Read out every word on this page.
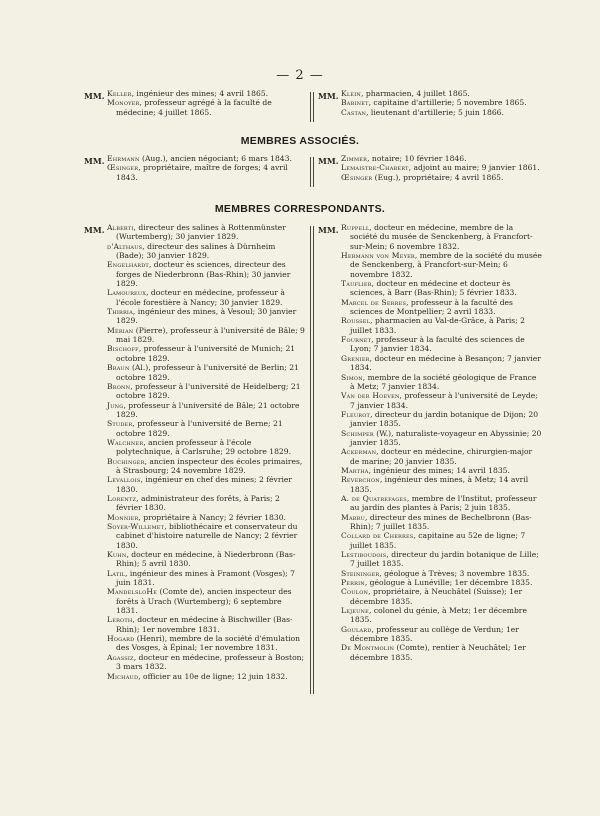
— 2 —
MM. Keller, ingénieur des mines; 4 avril 1865.

Monoyer, professeur agrégé à la faculté de médecine; 4 juillet 1865.

MM. Klein, pharmacien, 4 juillet 1865.

Babinet, capitaine d'artillerie; 5 novembre 1865.

Castan, lieutenant d'artillerie; 5 juin 1866.

MEMBRES ASSOCIÉS.
MM. Ehrmann (Aug.), ancien négociant; 6 mars 1843.

Œsinger, propriétaire, maître de forges; 4 avril 1843.

MM. Zimmer, notaire; 10 février 1846.

Lemaistre-Chabert, adjoint au maire; 9 janvier 1861.

Œsinger (Eug.), propriétaire; 4 avril 1865.

MEMBRES CORRESPONDANTS.
MM. Alberti, directeur des salines à Rottenmünster (Wurtemberg); 30 janvier 1829.

d'Althaus, directeur des salines à Dürnheim (Bade); 30 janvier 1829.

Engelhardt, docteur ès sciences, directeur des forges de Niederbronn (Bas-Rhin); 30 janvier 1829.

Lamoureux, docteur en médecine, professeur à l'école forestière à Nancy; 30 janvier 1829.

Thirria, ingénieur des mines, à Vesoul; 30 janvier 1829.

Mérian (Pierre), professeur à l'université de Bâle; 9 mai 1829.

Bischoff, professeur à l'université de Munich; 21 octobre 1829.

Braun (Al.), professeur à l'université de Berlin; 21 octobre 1829.

Bronn, professeur à l'université de Heidelberg; 21 octobre 1829.

Jung, professeur à l'université de Bâle; 21 octobre 1829.

Studer, professeur à l'université de Berne; 21 octobre 1829.

Walchner, ancien professeur à l'école polytechnique, à Carlsruhe; 29 octobre 1829.

Buchinger, ancien inspecteur des écoles primaires, à Strasbourg; 24 novembre 1829.

Levallois, ingénieur en chef des mines; 2 février 1830.

Lorentz, administrateur des forêts, à Paris; 2 février 1830.

Monnier, propriétaire à Nancy; 2 février 1830.

Soyer-Willemet, bibliothécaire et conservateur du cabinet d'histoire naturelle de Nancy; 2 février 1830.

Kuhn, docteur en médecine, à Niederbronn (Bas-Rhin); 5 avril 1830.

Latil, ingénieur des mines à Framont (Vosges); 7 juin 1831.

MandelsloHe (Comte de), ancien inspecteur des forêts à Urach (Wurtemberg); 6 septembre 1831.

Leroth, docteur en médecine à Bischwiller (Bas-Rhin); 1er novembre 1831.

Hogard (Henri), membre de la société d'émulation des Vosges, à Épinal; 1er novembre 1831.

Agassiz, docteur en médecine, professeur à Boston; 3 mars 1832.

Michaud, officier au 10e de ligne; 12 juin 1832.

MM. Ruppell, docteur en médecine, membre de la société du musée de Senckenberg, à Francfort-sur-Mein; 6 novembre 1832.

Hermann von Meyer, membre de la société du musée de Senckenberg, à Francfort-sur-Mein; 6 novembre 1832.

Tauflier, docteur en médecine et docteur ès sciences, à Barr (Bas-Rhin); 5 février 1833.

Marcel de Serres, professeur à la faculté des sciences de Montpellier; 2 avril 1833.

Roussel, pharmacien au Val-de-Grâce, à Paris; 2 juillet 1833.

Fournet, professeur à la faculté des sciences de Lyon; 7 janvier 1834.

Grenier, docteur en médecine à Besançon; 7 janvier 1834.

Simon, membre de la société géologique de France à Metz; 7 janvier 1834.

Van der Hoeven, professeur à l'université de Leyde; 7 janvier 1834.

Fleurot, directeur du jardin botanique de Dijon; 20 janvier 1835.

Schimper (W.), naturaliste-voyageur en Abyssinie; 20 janvier 1835.

Ackerman, docteur en médecine, chirurgien-major de marine; 20 janvier 1835.

Marthá, ingénieur des mines; 14 avril 1835.

Reverchon, ingénieur des mines, à Metz; 14 avril 1835.

A. de Quatrefages, membre de l'Institut, professeur au jardin des plantes à Paris; 2 juin 1835.

Mabru, directeur des mines de Bechelbronn (Bas-Rhin); 7 juillet 1835.

Collard de Cherres, capitaine au 52e de ligne; 7 juillet 1835.

Lestiboudois, directeur du jardin botanique de Lille; 7 juillet 1835.

Steininger, géologue à Trèves; 3 novembre 1835.

Perrin, géologue à Lunéville; 1er décembre 1835.

Coulon, propriétaire, à Neuchâtel (Suisse); 1er décembre 1835.

Lejeune, colonel du génie, à Metz; 1er décembre 1835.

Goulard, professeur au collège de Verdun; 1er décembre 1835.

De Montmolin (Comte), rentier à Neuchâtel; 1er décembre 1835.
